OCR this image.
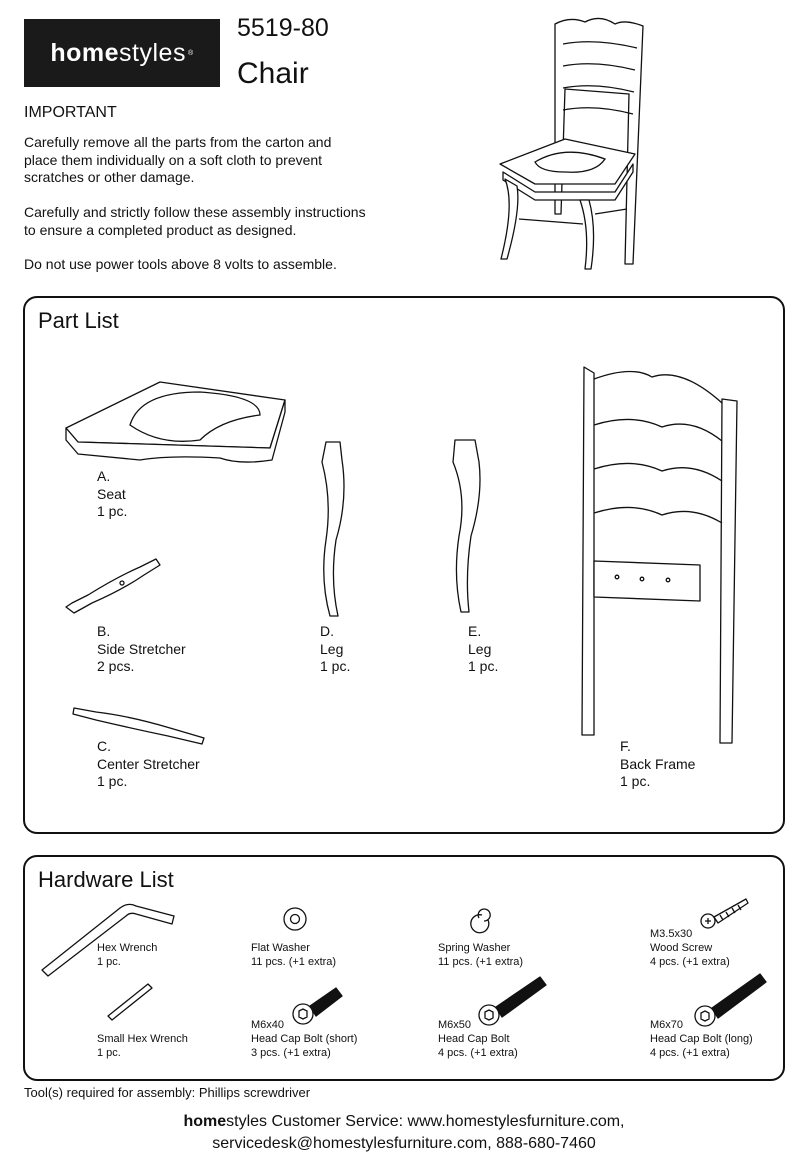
home styles ®
5519-80
Chair
IMPORTANT
Carefully remove all the parts from the carton and
place them individually on a soft cloth to prevent
scratches or other damage.
Carefully and strictly follow these assembly instructions
to ensure a completed product as designed.
Do not use power tools above 8 volts to assemble.
Part List
A.
Seat
1 pc.
B.
Side Stretcher
2 pcs.
C.
Center Stretcher
1 pc.
D.
Leg
1 pc.
E.
Leg
1 pc.
F.
Back Frame
1 pc.
Hardware List
Hex Wrench
1 pc.
Flat Washer
11 pcs. (+1 extra)
Spring Washer
11 pcs. (+1 extra)
M3.5x30
Wood Screw
4 pcs. (+1 extra)
Small Hex Wrench
1 pc.
M6x40
Head Cap Bolt (short)
3 pcs. (+1 extra)
M6x50
Head Cap Bolt
4 pcs. (+1 extra)
M6x70
Head Cap Bolt (long)
4 pcs. (+1 extra)
Tool(s) required for assembly: Phillips screwdriver
homestyles Customer Service: www.homestylesfurniture.com,
servicedesk@homestylesfurniture.com, 888-680-7460
